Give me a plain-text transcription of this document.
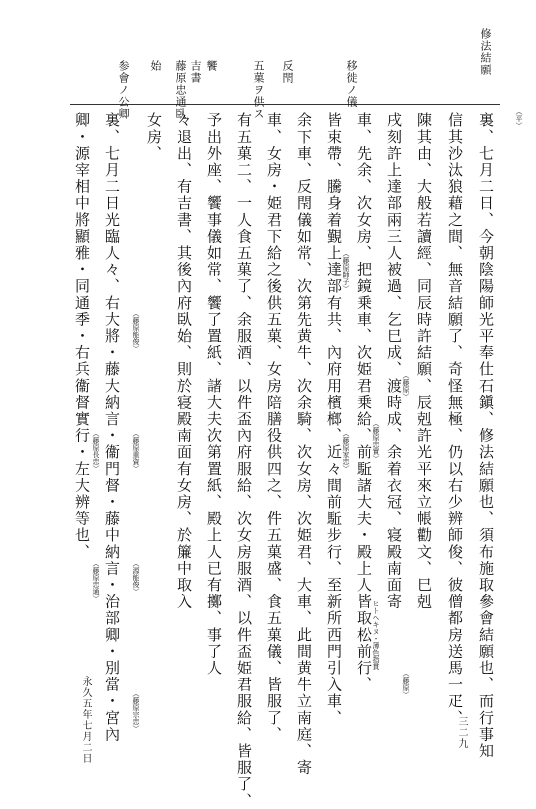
修法結願
移徙ノ儀
反閇
五菓ヲ供ス
饗
吉書
藤原忠通臥
始
参會ノ公卿
裏、七月二日、今朝陰陽師光平奉仕石鎭、修法結願也、須布施取參會結願也、而行事知
信其沙汰狼藉之間、無音結願了、奇怪無極、仍以右少辨師俊、彼僧都房送馬一疋、
陳其由、大般若讀經、同辰時許結願、辰剋許光平來立帳勸文、巳剋
戌刻許上達部兩三人被過、乞巳成、渡時成、余着衣冠、寝殿南面寄
車、先余、次女房、把鏡乗車、次姫君乗給、前駈諸大夫・殿上人皆取松前行、
皆束帶、騰身着覲上達部有共、內府用檳榔、近々間前駈步行、至新所西門引入車、
余下車、反閇儀如常、次第先黄牛、次余騎、次女房、次姫君、大車、此間黄牛立南庭、寄
車、女房・姫君下給之後供五菓、女房陪膳役供四之、件五菓盛、食五菓儀、皆服了、
有五菓二、一人食五菓了、余服酒、以件盃內府服給、次女房服酒、以件盃姫君服給、皆服了、
予出外座、饗事儀如常、饗了置紙、諸大夫次第置紙、殿上人已有擲、事了人
々退出、有吉書、其後內府臥始、則於寝殿南面有女房、於簾中取入
女房、
裏、七月二日光臨人々、右大將・藤大納言・衞門督・藤中納言・治部卿・別當・宮內
卿・源宰相中將顯雅・同通季・右兵衞督實行・左大辨等也、	（平）
（藤原）
（藤原）
（藤原忠實）
（藤原家忠）
（藤原能俊）
（藤原重資）
（源能俊）
（藤原宗忠）
（藤原長忠）
（藤原忠通）
（藤原師子）
ヒトヘキヌ・薄色指貫
永久五年七月二日	三二九
